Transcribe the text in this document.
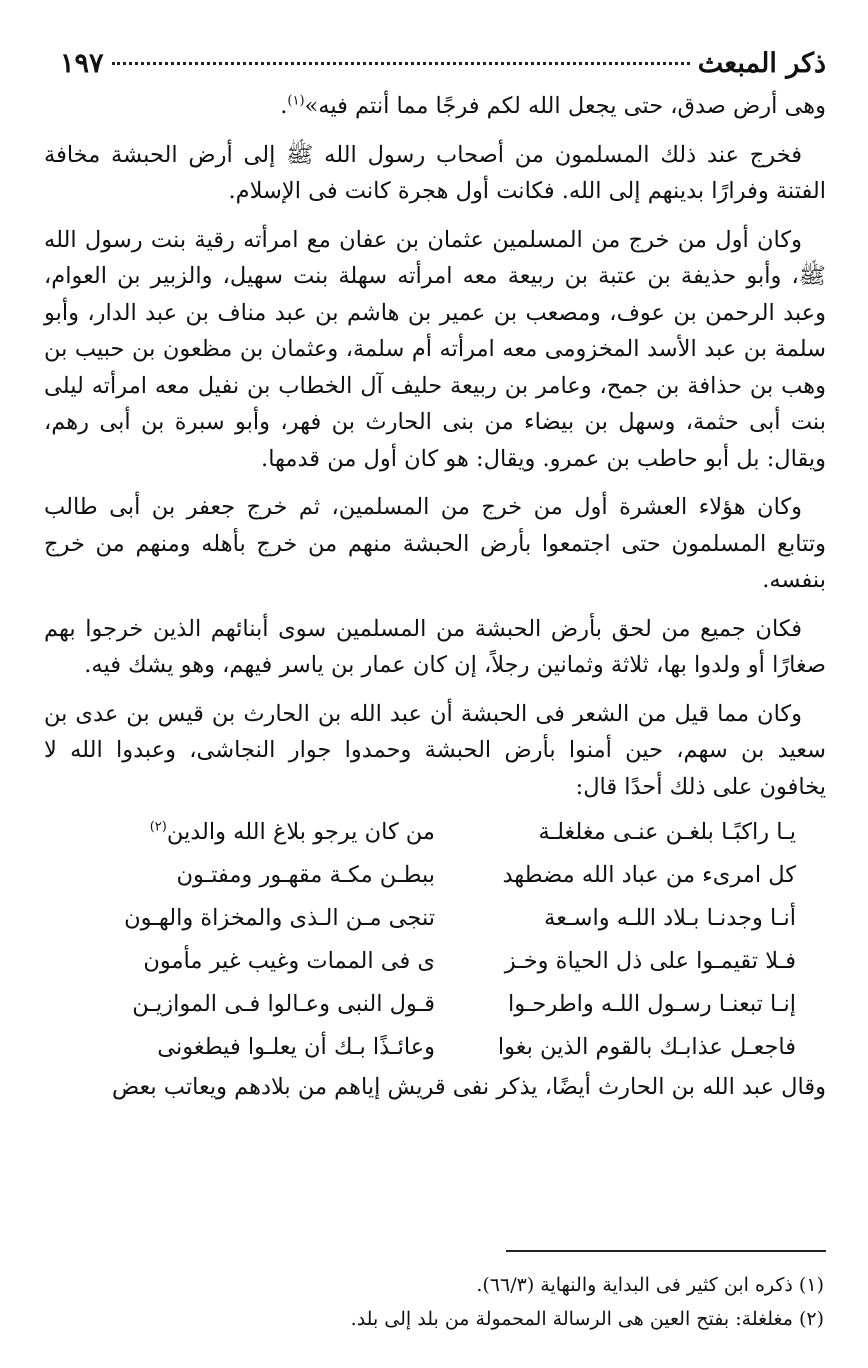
ذكر المبعث
١٩٧

وهى أرض صدق، حتى يجعل الله لكم فرجًا مما أنتم فيه»$^{(١)}$.

فخرج عند ذلك المسلمون من أصحاب رسول الله ﷺ إلى أرض الحبشة مخافة الفتنة وفرارًا بدينهم إلى الله. فكانت أول هجرة كانت فى الإسلام.

وكان أول من خرج من المسلمين عثمان بن عفان مع امرأته رقية بنت رسول الله ﷺ، وأبو حذيفة بن عتبة بن ربيعة معه امرأته سهلة بنت سهيل، والزبير بن العوام، وعبد الرحمن بن عوف، ومصعب بن عمير بن هاشم بن عبد مناف بن عبد الدار، وأبو سلمة بن عبد الأسد المخزومى معه امرأته أم سلمة، وعثمان بن مظعون بن حبيب بن وهب بن حذافة بن جمح، وعامر بن ربيعة حليف آل الخطاب بن نفيل معه امرأته ليلى بنت أبى حثمة، وسهل بن بيضاء من بنى الحارث بن فهر، وأبو سبرة بن أبى رهم، ويقال: بل أبو حاطب بن عمرو. ويقال: هو كان أول من قدمها.

وكان هؤلاء العشرة أول من خرج من المسلمين، ثم خرج جعفر بن أبى طالب وتتابع المسلمون حتى اجتمعوا بأرض الحبشة منهم من خرج بأهله ومنهم من خرج بنفسه.

فكان جميع من لحق بأرض الحبشة من المسلمين سوى أبنائهم الذين خرجوا بهم صغارًا أو ولدوا بها، ثلاثة وثمانين رجلاً، إن كان عمار بن ياسر فيهم، وهو يشك فيه.

وكان مما قيل من الشعر فى الحبشة أن عبد الله بن الحارث بن قيس بن عدى بن سعيد بن سهم، حين أمنوا بأرض الحبشة وحمدوا جوار النجاشى، وعبدوا الله لا يخافون على ذلك أحدًا قال:

يـا راكبًـا بلغـن عنـى مغلغلـة
من كان يرجو بلاغ الله والدين$^{(٢)}$
كل امرىء من عباد الله مضطهد
ببطـن مكـة مقهـور ومفتـون
أنـا وجدنـا بـلاد اللـه واسـعة
تنجى مـن الـذى والمخزاة والهـون
فـلا تقيمـوا على ذل الحياة وخـز
ى فى الممات وغيب غير مأمون
إنـا تبعنـا رسـول اللـه واطرحـوا
قـول النبى وعـالوا فـى الموازيـن
فاجعـل عذابـك بالقوم الذين بغوا
وعائـذًا بـك أن يعلـوا فيطغونى

وقال عبد الله بن الحارث أيضًا، يذكر نفى قريش إياهم من بلادهم ويعاتب بعض

(١) ذكره ابن كثير فى البداية والنهاية (٦٦/٣).
(٢) مغلغلة: بفتح العين هى الرسالة المحمولة من بلد إلى بلد.
